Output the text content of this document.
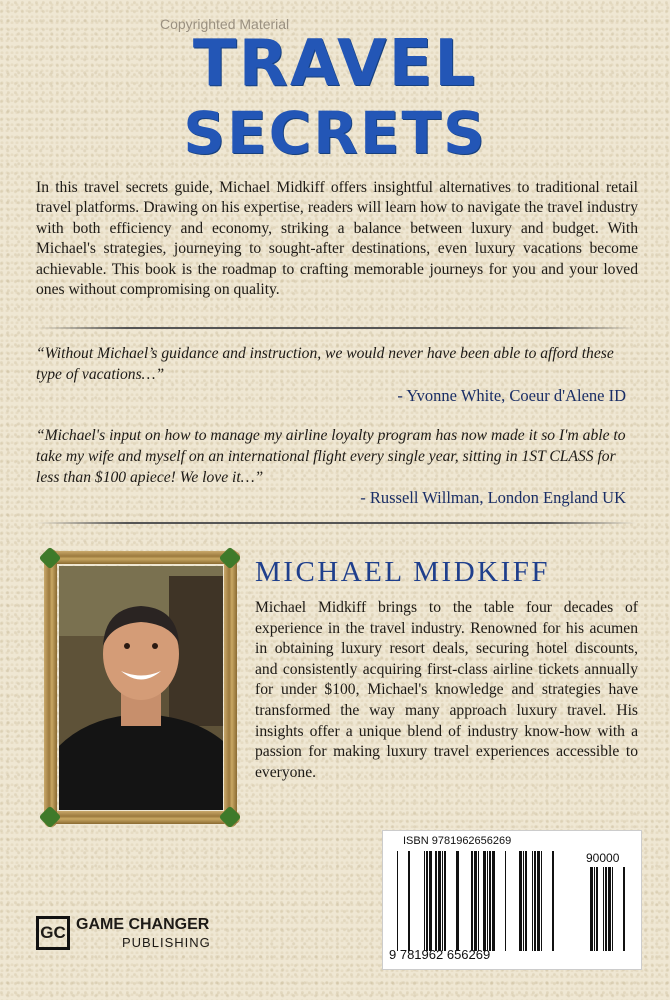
Copyrighted Material
TRAVEL
SECRETS
In this travel secrets guide, Michael Midkiff offers insightful alternatives to traditional retail travel platforms. Drawing on his expertise, readers will learn how to navigate the travel industry with both efficiency and economy, striking a balance between luxury and budget. With Michael's strategies, journeying to sought-after destinations, even luxury vacations become achievable. This book is the roadmap to crafting memorable journeys for you and your loved ones without compromising on quality.
“Without Michael’s guidance and instruction, we would never have been able to afford these type of vacations…”
- Yvonne White, Coeur d'Alene ID
“Michael's input on how to manage my airline loyalty program has now made it so I'm able to take my wife and myself on an international flight every single year, sitting in 1ST CLASS for less than $100 apiece! We love it…”
- Russell Willman, London England UK
MICHAEL MIDKIFF
Michael Midkiff brings to the table four decades of experience in the travel industry. Renowned for his acumen in obtaining luxury resort deals, securing hotel discounts, and consistently acquiring first-class airline tickets annually for under $100, Michael's knowledge and strategies have transformed the way many approach luxury travel. His insights offer a unique blend of industry know-how with a passion for making luxury travel experiences accessible to everyone.
ISBN 9781962656269
90000
9 781962 656269
GC GAME CHANGER
PUBLISHING
